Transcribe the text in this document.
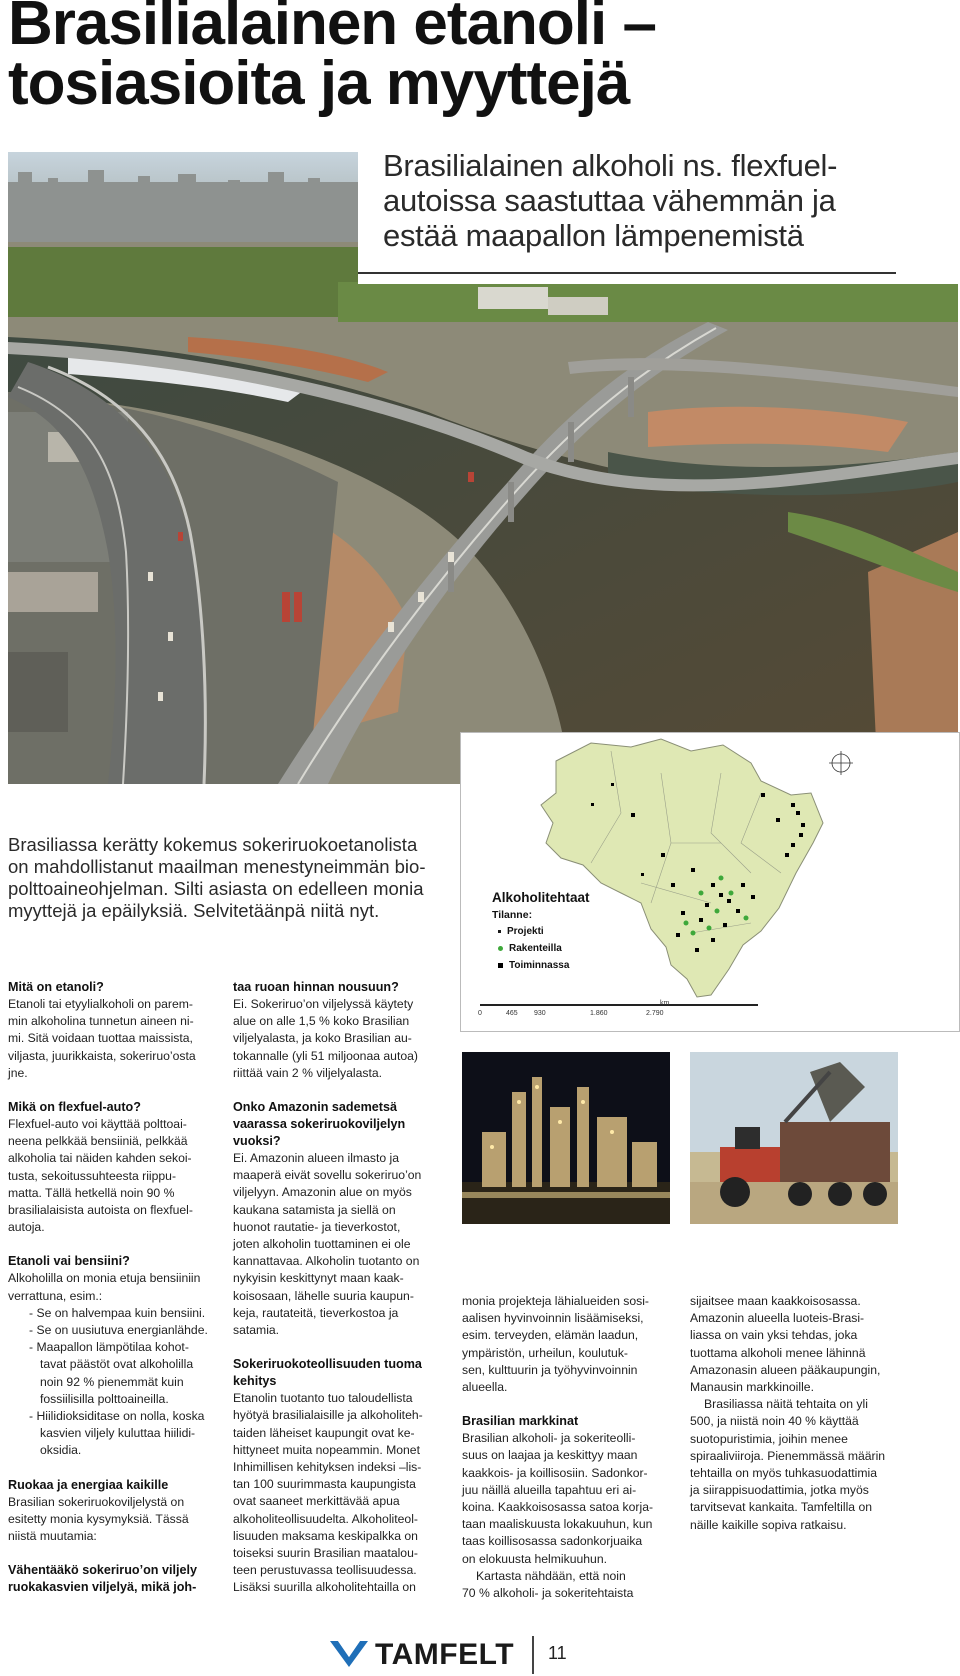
Brasilialainen etanoli –
tosiasioita ja myyttejä
Brasilialainen alkoholi ns. flexfuel-
autoissa saastuttaa vähemmän ja
estää maapallon lämpenemistä
Brasiliassa kerätty kokemus sokeriruokoetanolista
on mahdollistanut maailman menestyneimmän bio-
polttoaineohjelman. Silti asiasta on edelleen monia
myyttejä ja epäilyksiä. Selvitetäänpä niitä nyt.
Alkoholitehtaat
Tilanne:
Projekti
Rakenteilla
Toiminnassa
0	465 930	1.860	2.790
km
Mitä on etanoli?

Etanoli tai etyylialkoholi on parem-

min alkoholina tunnetun aineen ni-

mi. Sitä voidaan tuottaa maissista,

viljasta, juurikkaista, sokeriruo’osta

jne.

Mikä on flexfuel-auto?

Flexfuel-auto voi käyttää polttoai-

neena pelkkää bensiiniä, pelkkää

alkoholia tai näiden kahden sekoi-

tusta, sekoitussuhteesta riippu-

matta. Tällä hetkellä noin 90 %

brasilialaisista autoista on flexfuel-

autoja.

Etanoli vai bensiini?

Alkoholilla on monia etuja bensiiniin

verrattuna, esim.:

- Se on halvempaa kuin bensiini.

- Se on uusiutuva energianlähde.

- Maapallon lämpötilaa kohot-

tavat päästöt ovat alkoholilla

noin 92 % pienemmät kuin

fossiilisilla polttoaineilla.

- Hiilidioksiditase on nolla, koska

kasvien viljely kuluttaa hiilidi-

oksidia.

Ruokaa ja energiaa kaikille

Brasilian sokeriruokoviljelystä on

esitetty monia kysymyksiä. Tässä

niistä muutamia:

Vähentääkö sokeriruo’on viljely
ruokakasvien viljelyä, mikä joh-
taa ruoan hinnan nousuun?

Ei. Sokeriruo’on viljelyssä käytety

alue on alle 1,5 % koko Brasilian

viljelyalasta, ja koko Brasilian au-

tokannalle (yli 51 miljoonaa autoa)

riittää vain 2 % viljelyalasta.

Onko Amazonin sademetsä
vaarassa sokeriruokoviljelyn
vuoksi?

Ei. Amazonin alueen ilmasto ja

maaperä eivät sovellu sokeriruo’on

viljelyyn. Amazonin alue on myös

kaukana satamista ja siellä on

huonot rautatie- ja tieverkostot,

joten alkoholin tuottaminen ei ole

kannattavaa. Alkoholin tuotanto on

nykyisin keskittynyt maan kaak-

koisosaan, lähelle suuria kaupun-

keja, rautateitä, tieverkostoa ja

satamia.

Sokeriruokoteollisuuden tuoma
kehitys

Etanolin tuotanto tuo taloudellista

hyötyä brasilialaisille ja alkoholiteh-

taiden läheiset kaupungit ovat ke-

hittyneet muita nopeammin. Monet

Inhimillisen kehityksen indeksi –lis-

tan 100 suurimmasta kaupungista

ovat saaneet merkittävää apua

alkoholiteollisuudelta. Alkoholiteol-

lisuuden maksama keskipalkka on

toiseksi suurin Brasilian maatalou-

teen perustuvassa teollisuudessa.

Lisäksi suurilla alkoholitehtailla on

monia projekteja lähialueiden sosi-

aalisen hyvinvoinnin lisäämiseksi,

esim. terveyden, elämän laadun,

ympäristön, urheilun, koulutuk-

sen, kulttuurin ja työhyvinvoinnin

alueella.

Brasilian markkinat

Brasilian alkoholi- ja sokeriteolli-

suus on laajaa ja keskittyy maan

kaakkois- ja koillisosiin. Sadonkor-

juu näillä alueilla tapahtuu eri ai-

koina. Kaakkoisosassa satoa korja-

taan maaliskuusta lokakuuhun, kun

taas koillisosassa sadonkorjuaika

on elokuusta helmikuuhun.

Kartasta nähdään, että noin

70 % alkoholi- ja sokeritehtaista

sijaitsee maan kaakkoisosassa.

Amazonin alueella luoteis-Brasi-

liassa on vain yksi tehdas, joka

tuottama alkoholi menee lähinnä

Amazonasin alueen pääkaupungin,

Manausin markkinoille.

Brasiliassa näitä tehtaita on yli

500, ja niistä noin 40 % käyttää

suotopuristimia, joihin menee

spiraaliviiroja. Pienemmässä määrin

tehtailla on myös tuhkasuodattimia

ja siirappisuodattimia, jotka myös

tarvitsevat kankaita. Tamfeltilla on

näille kaikille sopiva ratkaisu.

TAMFELT 11
